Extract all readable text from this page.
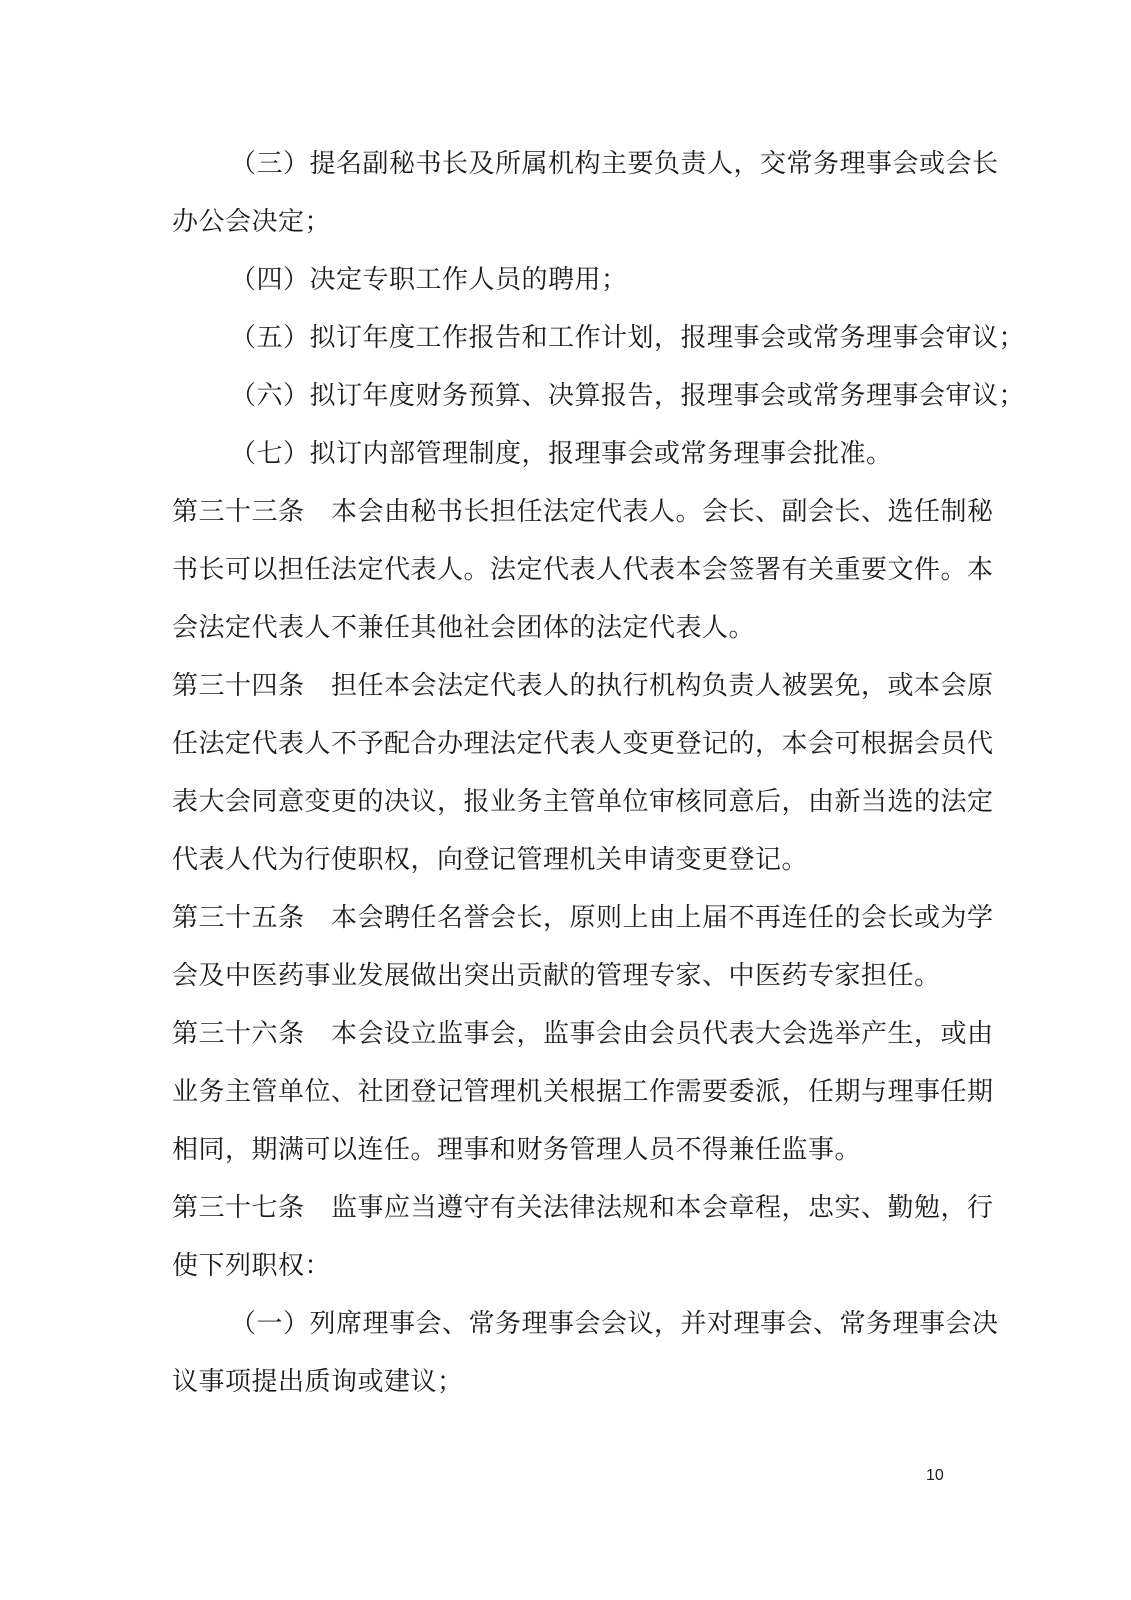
（三）提名副秘书长及所属机构主要负责人，交常务理事会或会长
办公会决定；
（四）决定专职工作人员的聘用；
（五）拟订年度工作报告和工作计划，报理事会或常务理事会审议；
（六）拟订年度财务预算、决算报告，报理事会或常务理事会审议；
（七）拟订内部管理制度，报理事会或常务理事会批准。
第三十三条　本会由秘书长担任法定代表人。会长、副会长、选任制秘
书长可以担任法定代表人。法定代表人代表本会签署有关重要文件。本
会法定代表人不兼任其他社会团体的法定代表人。
第三十四条　担任本会法定代表人的执行机构负责人被罢免，或本会原
任法定代表人不予配合办理法定代表人变更登记的，本会可根据会员代
表大会同意变更的决议，报业务主管单位审核同意后，由新当选的法定
代表人代为行使职权，向登记管理机关申请变更登记。
第三十五条　本会聘任名誉会长，原则上由上届不再连任的会长或为学
会及中医药事业发展做出突出贡献的管理专家、中医药专家担任。
第三十六条　本会设立监事会，监事会由会员代表大会选举产生，或由
业务主管单位、社团登记管理机关根据工作需要委派，任期与理事任期
相同，期满可以连任。理事和财务管理人员不得兼任监事。
第三十七条　监事应当遵守有关法律法规和本会章程，忠实、勤勉，行
使下列职权：
（一）列席理事会、常务理事会会议，并对理事会、常务理事会决
议事项提出质询或建议；
10
